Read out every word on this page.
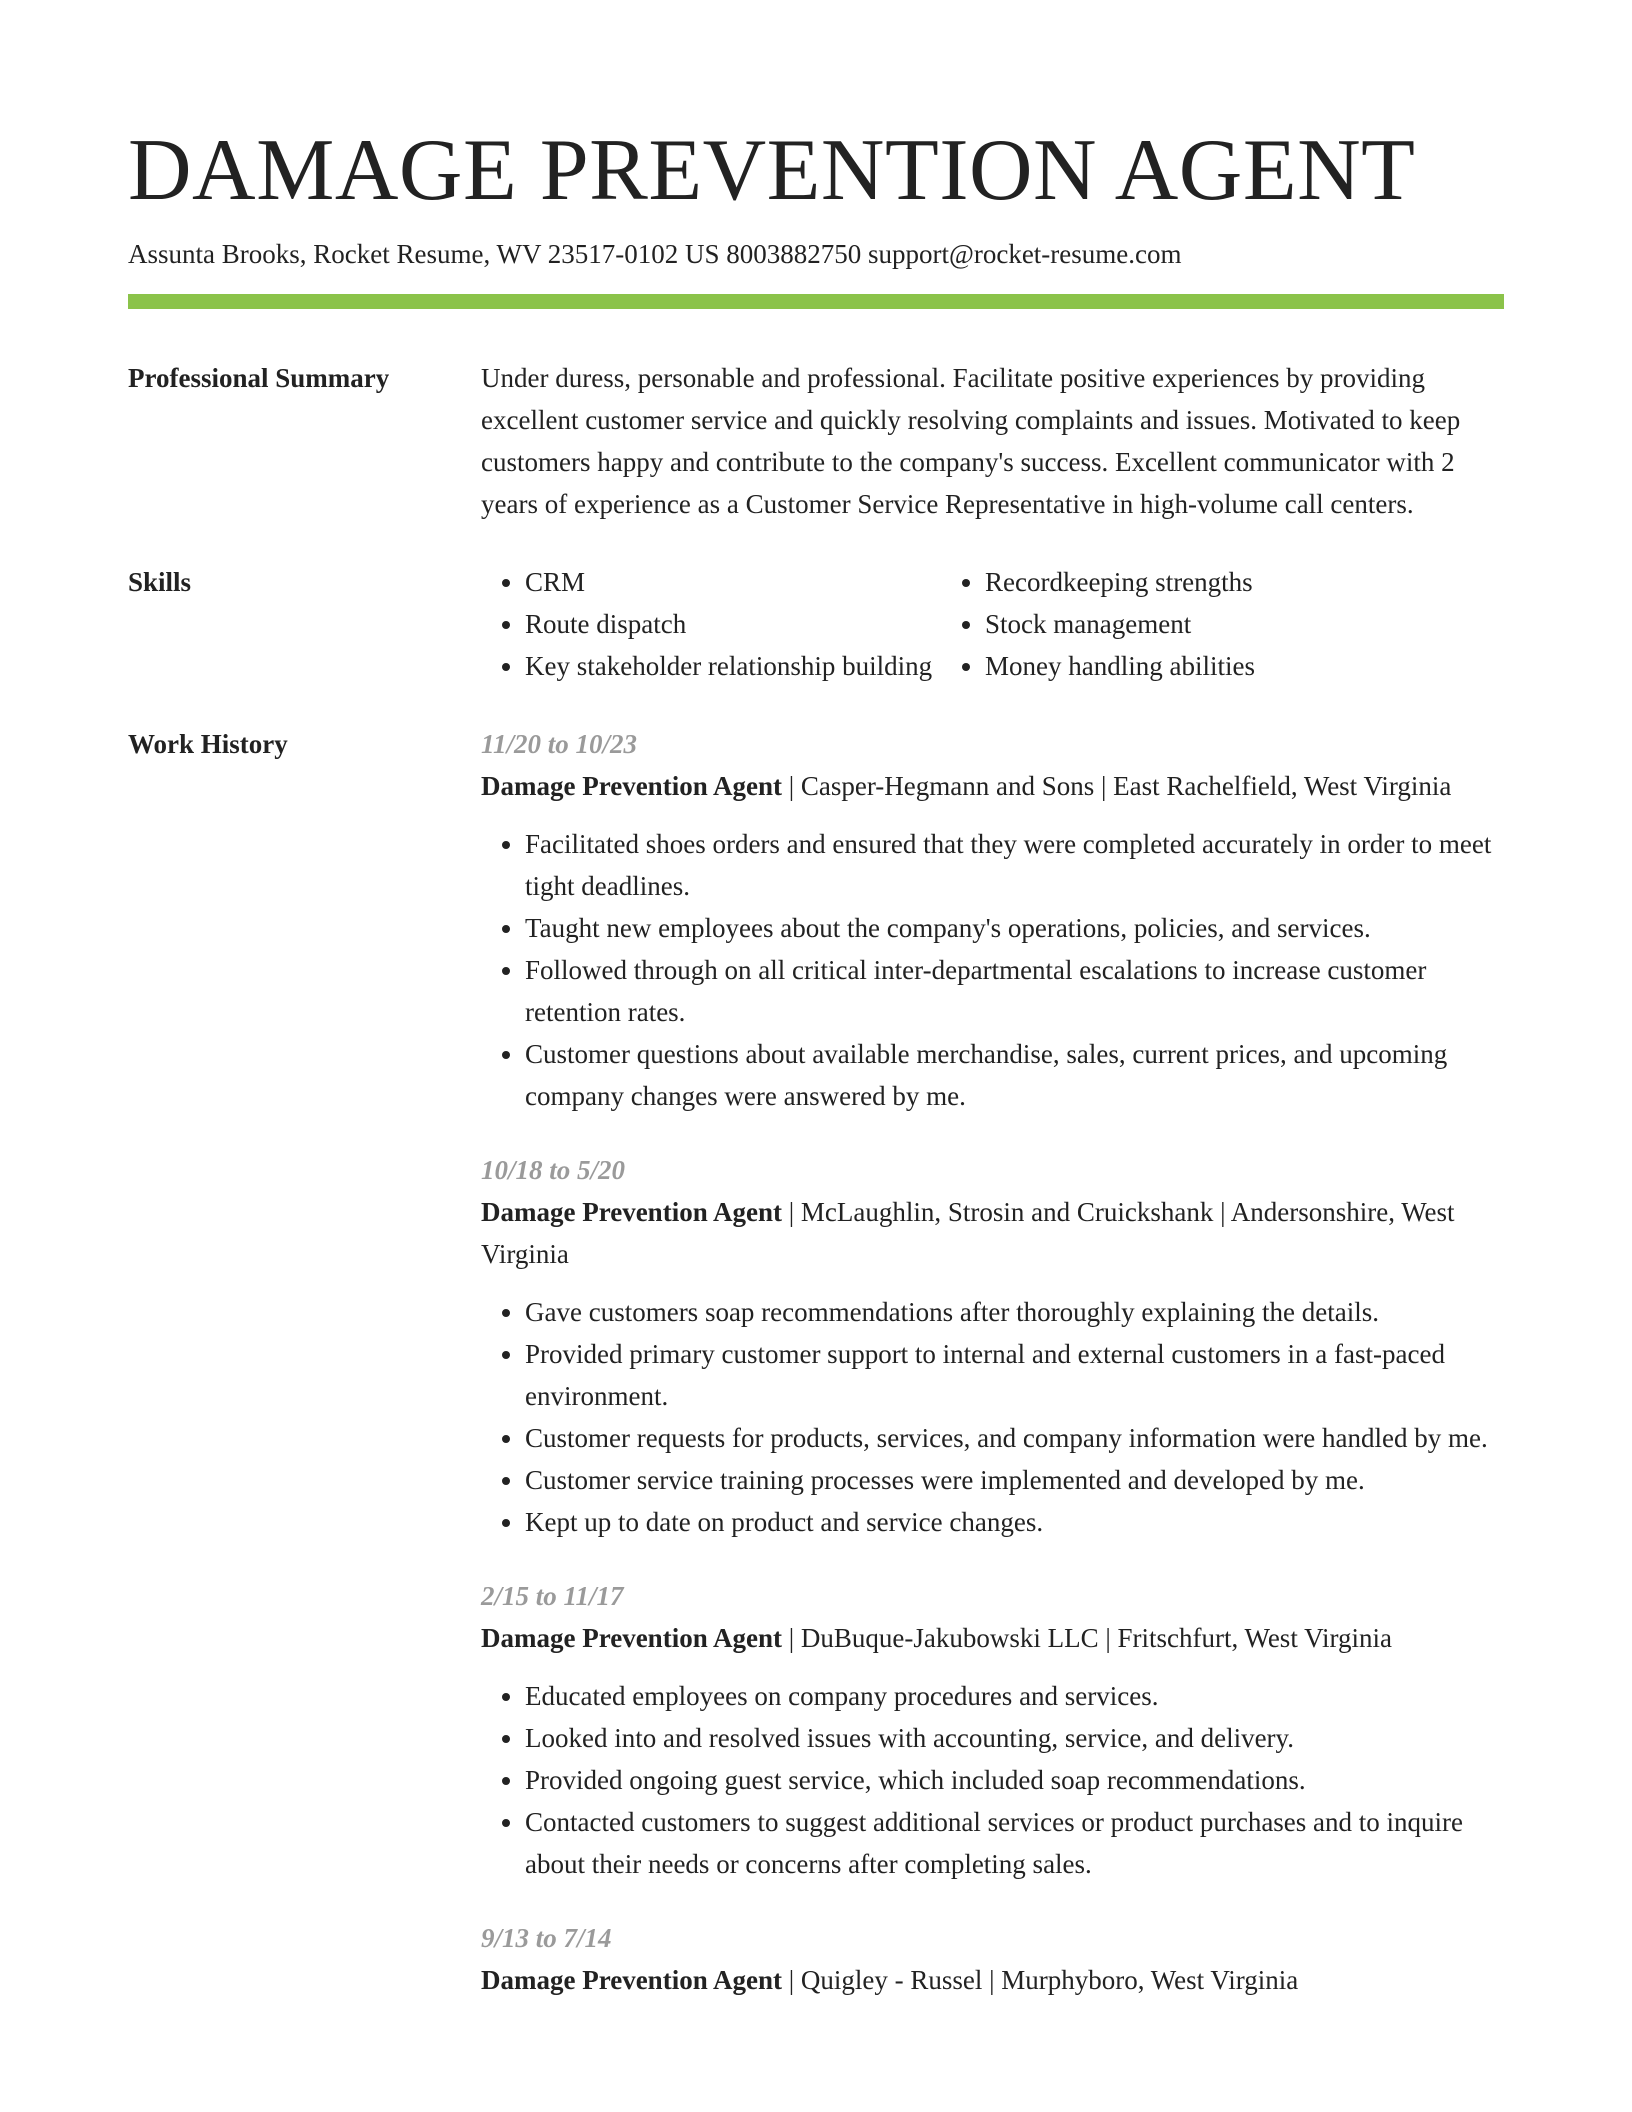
DAMAGE PREVENTION AGENT
Assunta Brooks, Rocket Resume, WV 23517-0102 US 8003882750 support@rocket-resume.com
Professional Summary	Under duress, personable and professional. Facilitate positive experiences by providing excellent customer service and quickly resolving complaints and issues. Motivated to keep customers happy and contribute to the company's success. Excellent communicator with 2 years of experience as a Customer Service Representative in high-volume call centers.

Skills
•	CRM
• Route dispatch
• Key stakeholder relationship building
• Recordkeeping strengths
• Stock management
• Money handling abilities
Work History	11/20 to 10/23
Damage Prevention Agent | Casper-Hegmann and Sons | East Rachelfield, West Virginia
• Facilitated shoes orders and ensured that they were completed accurately in order to meet tight deadlines.
• Taught new employees about the company's operations, policies, and services.
• Followed through on all critical inter-departmental escalations to increase customer retention rates.
• Customer questions about available merchandise, sales, current prices, and upcoming company changes were answered by me.
10/18 to 5/20
Damage Prevention Agent | McLaughlin, Strosin and Cruickshank | Andersonshire, West Virginia
• Gave customers soap recommendations after thoroughly explaining the details.
• Provided primary customer support to internal and external customers in a fast-paced environment.
• Customer requests for products, services, and company information were handled by me.
• Customer service training processes were implemented and developed by me.
• Kept up to date on product and service changes.
2/15 to 11/17
Damage Prevention Agent | DuBuque-Jakubowski LLC | Fritschfurt, West Virginia
• Educated employees on company procedures and services.
• Looked into and resolved issues with accounting, service, and delivery.
• Provided ongoing guest service, which included soap recommendations.
• Contacted customers to suggest additional services or product purchases and to inquire about their needs or concerns after completing sales.
9/13 to 7/14
Damage Prevention Agent | Quigley - Russel | Murphyboro, West Virginia
